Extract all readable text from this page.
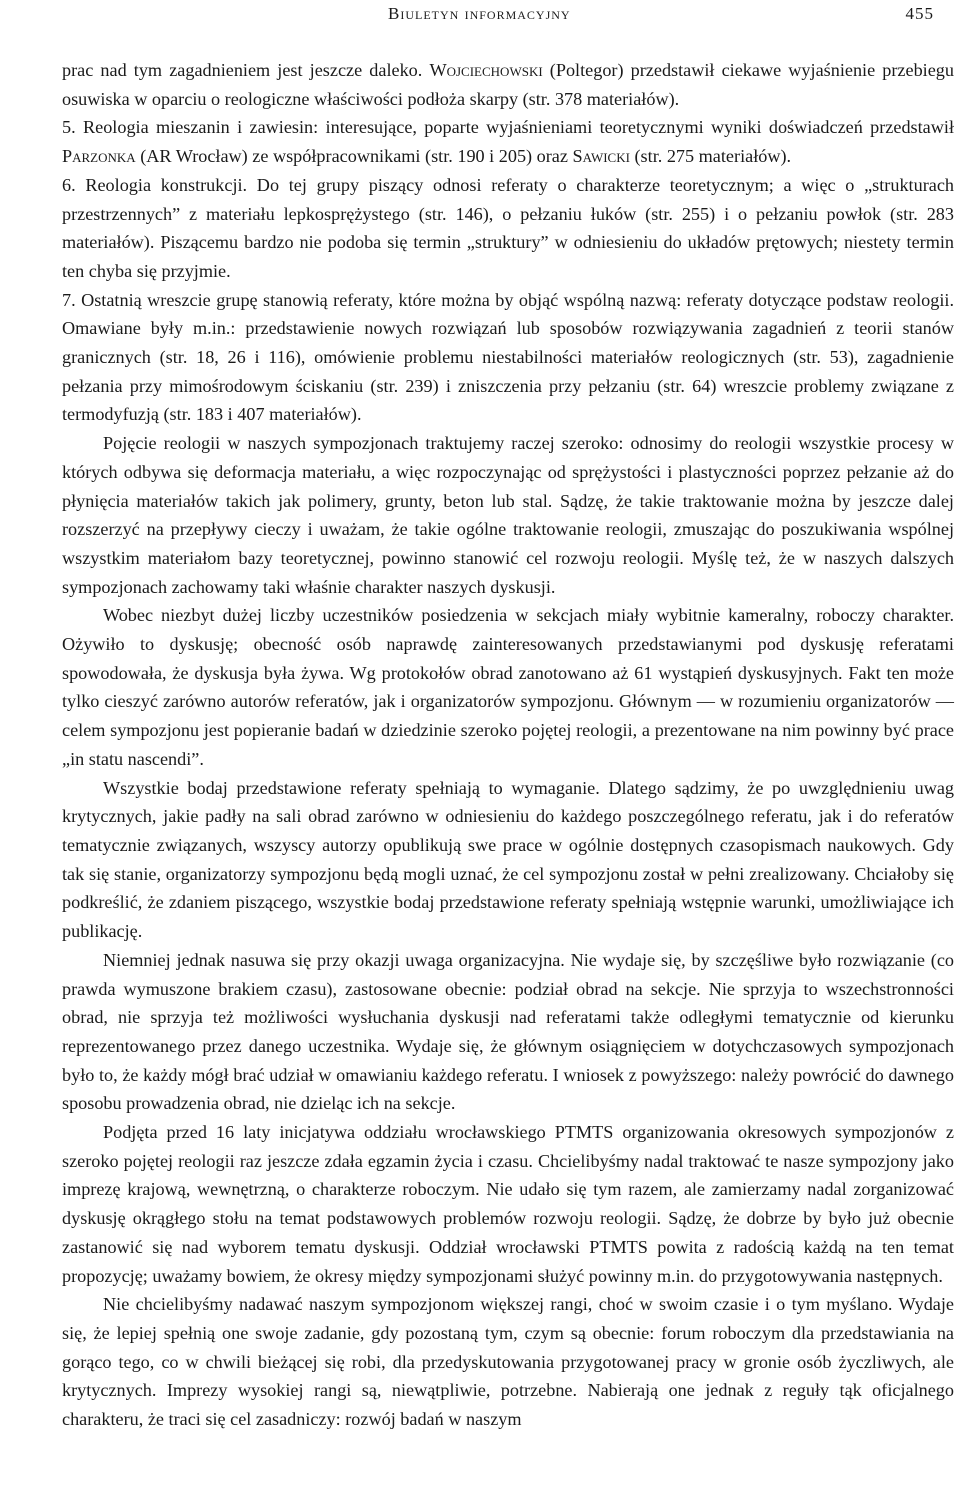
Biuletyn informacyjny	455

prac nad tym zagadnieniem jest jeszcze daleko. Wojciechowski (Poltegor) przedstawił ciekawe wyjaśnienie przebiegu osuwiska w oparciu o reologiczne właściwości podłoża skarpy (str. 378 materiałów).

5. Reologia mieszanin i zawiesin: interesujące, poparte wyjaśnieniami teoretycznymi wyniki doświadczeń przedstawił Parzonka (AR Wrocław) ze współpracownikami (str. 190 i 205) oraz Sawicki (str. 275 materiałów).

6. Reologia konstrukcji. Do tej grupy piszący odnosi referaty o charakterze teoretycznym; a więc o „strukturach przestrzennych” z materiału lepkosprężystego (str. 146), o pełzaniu łuków (str. 255) i o pełzaniu powłok (str. 283 materiałów). Piszącemu bardzo nie podoba się termin „struktury” w odniesieniu do układów prętowych; niestety termin ten chyba się przyjmie.

7. Ostatnią wreszcie grupę stanowią referaty, które można by objąć wspólną nazwą: referaty dotyczące podstaw reologii. Omawiane były m.in.: przedstawienie nowych rozwiązań lub sposobów rozwiązywania zagadnień z teorii stanów granicznych (str. 18, 26 i 116), omówienie problemu niestabilności materiałów reologicznych (str. 53), zagadnienie pełzania przy mimośrodowym ściskaniu (str. 239) i zniszczenia przy pełzaniu (str. 64) wreszcie problemy związane z termodyfuzją (str. 183 i 407 materiałów).

Pojęcie reologii w naszych sympozjonach traktujemy raczej szeroko: odnosimy do reologii wszystkie procesy w których odbywa się deformacja materiału, a więc rozpoczynając od sprężystości i plastyczności poprzez pełzanie aż do płynięcia materiałów takich jak polimery, grunty, beton lub stal. Sądzę, że takie traktowanie można by jeszcze dalej rozszerzyć na przepływy cieczy i uważam, że takie ogólne traktowanie reologii, zmuszając do poszukiwania wspólnej wszystkim materiałom bazy teoretycznej, powinno stanowić cel rozwoju reologii. Myślę też, że w naszych dalszych sympozjonach zachowamy taki właśnie charakter naszych dyskusji.

Wobec niezbyt dużej liczby uczestników posiedzenia w sekcjach miały wybitnie kameralny, roboczy charakter. Ożywiło to dyskusję; obecność osób naprawdę zainteresowanych przedstawianymi pod dyskusję referatami spowodowała, że dyskusja była żywa. Wg protokołów obrad zanotowano aż 61 wystąpień dyskusyjnych. Fakt ten może tylko cieszyć zarówno autorów referatów, jak i organizatorów sympozjonu. Głównym — w rozumieniu organizatorów — celem sympozjonu jest popieranie badań w dziedzinie szeroko pojętej reologii, a prezentowane na nim powinny być prace „in statu nascendi”.

Wszystkie bodaj przedstawione referaty spełniają to wymaganie. Dlatego sądzimy, że po uwzględnieniu uwag krytycznych, jakie padły na sali obrad zarówno w odniesieniu do każdego poszczególnego referatu, jak i do referatów tematycznie związanych, wszyscy autorzy opublikują swe prace w ogólnie dostępnych czasopismach naukowych. Gdy tak się stanie, organizatorzy sympozjonu będą mogli uznać, że cel sympozjonu został w pełni zrealizowany. Chciałoby się podkreślić, że zdaniem piszącego, wszystkie bodaj przedstawione referaty spełniają wstępnie warunki, umożliwiające ich publikację.

Niemniej jednak nasuwa się przy okazji uwaga organizacyjna. Nie wydaje się, by szczęśliwe było rozwiązanie (co prawda wymuszone brakiem czasu), zastosowane obecnie: podział obrad na sekcje. Nie sprzyja to wszechstronności obrad, nie sprzyja też możliwości wysłuchania dyskusji nad referatami także odległymi tematycznie od kierunku reprezentowanego przez danego uczestnika. Wydaje się, że głównym osiągnięciem w dotychczasowych sympozjonach było to, że każdy mógł brać udział w omawianiu każdego referatu. I wniosek z powyższego: należy powrócić do dawnego sposobu prowadzenia obrad, nie dzieląc ich na sekcje.

Podjęta przed 16 laty inicjatywa oddziału wrocławskiego PTMTS organizowania okresowych sympozjonów z szeroko pojętej reologii raz jeszcze zdała egzamin życia i czasu. Chcielibyśmy nadal traktować te nasze sympozjony jako imprezę krajową, wewnętrzną, o charakterze roboczym. Nie udało się tym razem, ale zamierzamy nadal zorganizować dyskusję okrągłego stołu na temat podstawowych problemów rozwoju reologii. Sądzę, że dobrze by było już obecnie zastanowić się nad wyborem tematu dyskusji. Oddział wrocławski PTMTS powita z radością każdą na ten temat propozycję; uważamy bowiem, że okresy między sympozjonami służyć powinny m.in. do przygotowywania następnych.

Nie chcielibyśmy nadawać naszym sympozjonom większej rangi, choć w swoim czasie i o tym myślano. Wydaje się, że lepiej spełnią one swoje zadanie, gdy pozostaną tym, czym są obecnie: forum roboczym dla przedstawiania na gorąco tego, co w chwili bieżącej się robi, dla przedyskutowania przygotowanej pracy w gronie osób życzliwych, ale krytycznych. Imprezy wysokiej rangi są, niewątpliwie, potrzebne. Nabierają one jednak z reguły tąk oficjalnego charakteru, że traci się cel zasadniczy: rozwój badań w naszym
